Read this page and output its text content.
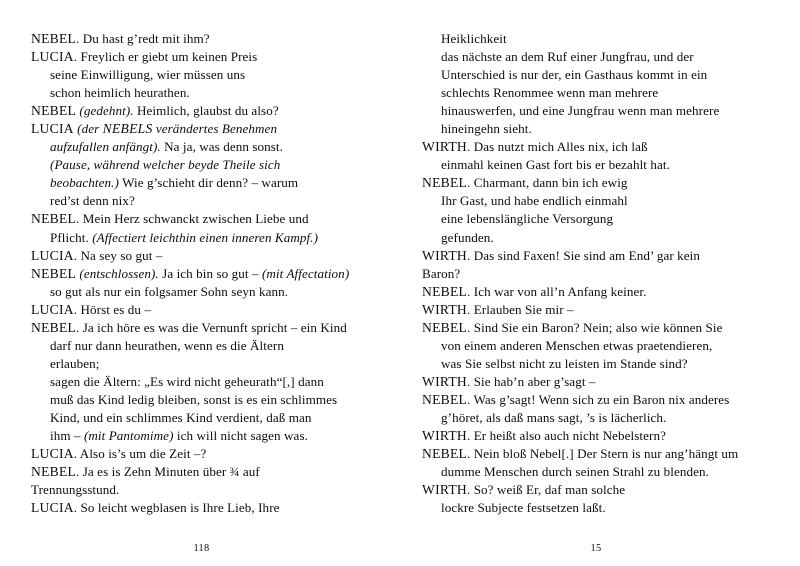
NEBEL. Du hast g’redt mit ihm?
LUCIA. Freylich er giebt um keinen Preis
seine Einwilligung, wier müssen uns
schon heimlich heurathen.
NEBEL (gedehnt). Heimlich, glaubst du also?
LUCIA (der NEBELS verändertes Benehmen
aufzufallen anfängt). Na ja, was denn sonst.
(Pause, während welcher beyde Theile sich
beobachten.) Wie g’schieht dir denn? – warum
red’st denn nix?
NEBEL. Mein Herz schwanckt zwischen Liebe und
Pflicht. (Affectiert leichthin einen inneren Kampf.)
LUCIA. Na sey so gut –
NEBEL (entschlossen). Ja ich bin so gut – (mit Affectation)
so gut als nur ein folgsamer Sohn seyn kann.
LUCIA. Hörst es du –
NEBEL. Ja ich höre es was die Vernunft spricht – ein Kind
darf nur dann heurathen, wenn es die Ältern
erlauben;
sagen die Ältern: „Es wird nicht geheurath“[,] dann
muß das Kind ledig bleiben, sonst is es ein schlimmes
Kind, und ein schlimmes Kind verdient, daß man
ihm – (mit Pantomime) ich will nicht sagen was.
LUCIA. Also is’s um die Zeit –?
NEBEL. Ja es is Zehn Minuten über ¾ auf
Trennungsstund.
LUCIA. So leicht wegblasen is Ihre Lieb, Ihre
118
Heiklichkeit
das nächste an dem Ruf einer Jungfrau, und der
Unterschied is nur der, ein Gasthaus kommt in ein
schlechts Renommee wenn man mehrere
hinauswerfen, und eine Jungfrau wenn man mehrere
hineingehn sieht.
WIRTH. Das nutzt mich Alles nix, ich laß
einmahl keinen Gast fort bis er bezahlt hat.
NEBEL. Charmant, dann bin ich ewig
Ihr Gast, und habe endlich einmahl
eine lebenslängliche Versorgung
gefunden.
WIRTH. Das sind Faxen! Sie sind am End’ gar kein
Baron?
NEBEL. Ich war von all’n Anfang keiner.
WIRTH. Erlauben Sie mir –
NEBEL. Sind Sie ein Baron? Nein; also wie können Sie
von einem anderen Menschen etwas praetendieren,
was Sie selbst nicht zu leisten im Stande sind?
WIRTH. Sie hab’n aber g’sagt –
NEBEL. Was g’sagt! Wenn sich zu ein Baron nix anderes
g’höret, als daß mans sagt, ’s is lächerlich.
WIRTH. Er heißt also auch nicht Nebelstern?
NEBEL. Nein bloß Nebel[.] Der Stern is nur ang’hängt um
dumme Menschen durch seinen Strahl zu blenden.
WIRTH. So? weiß Er, daf man solche
lockre Subjecte festsetzen laßt.
15
